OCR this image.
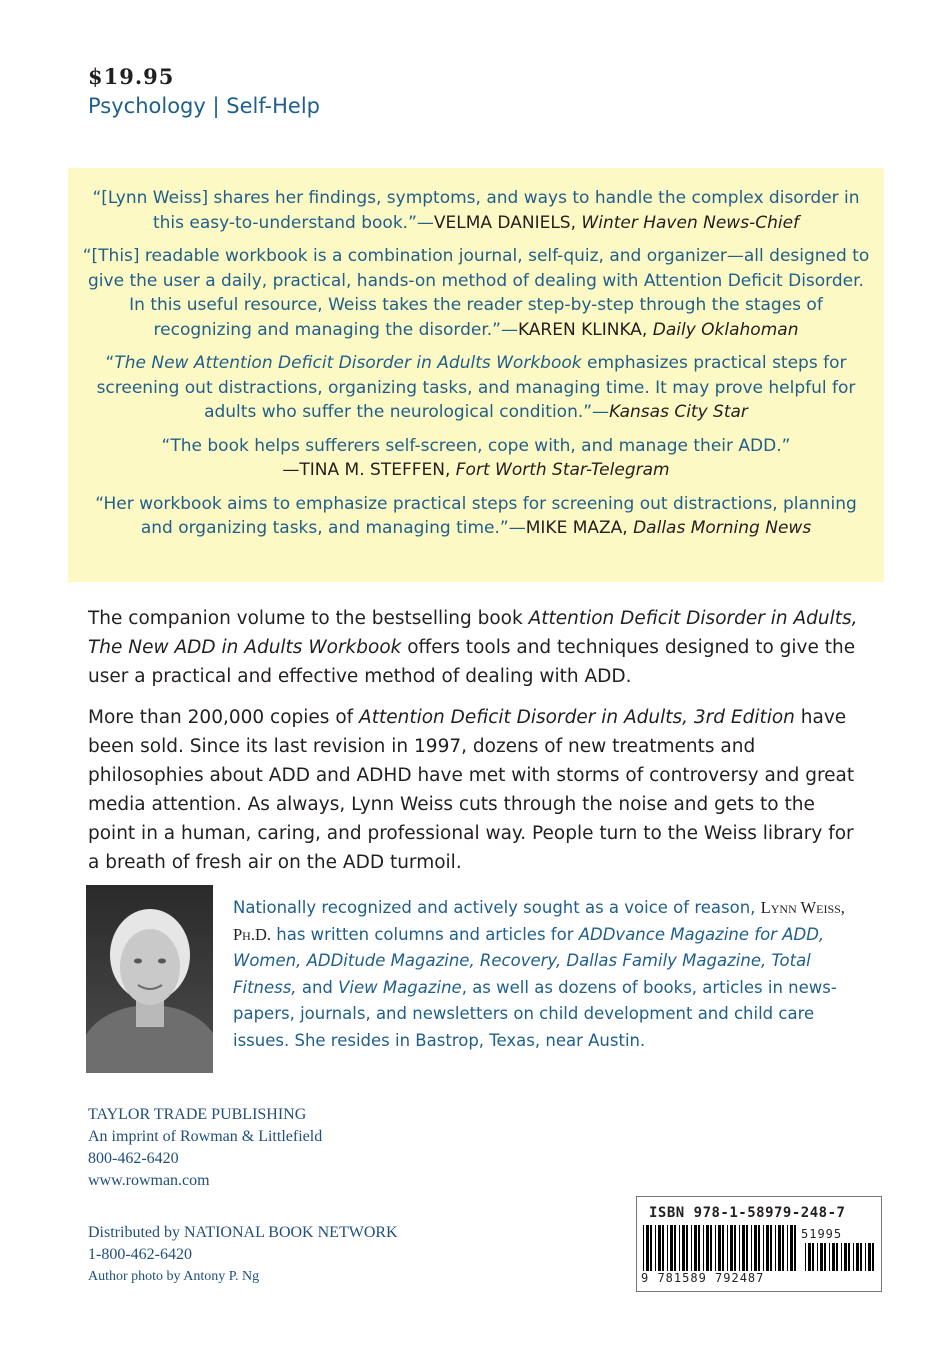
$19.95
Psychology | Self-Help

“[Lynn Weiss] shares her findings, symptoms, and ways to handle the complex disorder in this easy-to-understand book.”—VELMA DANIELS, Winter Haven News-Chief

“[This] readable workbook is a combination journal, self-quiz, and organizer—all designed to give the user a daily, practical, hands-on method of dealing with Attention Deficit Disorder.

In this useful resource, Weiss takes the reader step-by-step through the stages of recognizing and managing the disorder.”—KAREN KLINKA, Daily Oklahoman

“The New Attention Deficit Disorder in Adults Workbook emphasizes practical steps for screening out distractions, organizing tasks, and managing time. It may prove helpful for adults who suffer the neurological condition.”—Kansas City Star

“The book helps sufferers self-screen, cope with, and manage their ADD.”
—TINA M. STEFFEN, Fort Worth Star-Telegram

“Her workbook aims to emphasize practical steps for screening out distractions, planning and organizing tasks, and managing time.”—MIKE MAZA, Dallas Morning News

The companion volume to the bestselling book Attention Deficit Disorder in Adults,
The New ADD in Adults Workbook offers tools and techniques designed to give the user a practical and effective method of dealing with ADD.

More than 200,000 copies of Attention Deficit Disorder in Adults, 3rd Edition have been sold. Since its last revision in 1997, dozens of new treatments and philosophies about ADD and ADHD have met with storms of controversy and great media attention. As always, Lynn Weiss cuts through the noise and gets to the point in a human, caring, and professional way. People turn to the Weiss library for a breath of fresh air on the ADD turmoil.

Nationally recognized and actively sought as a voice of reason, Lynn Weiss, Ph.D. has written columns and articles for ADDvance Magazine for ADD, Women, ADDitude Magazine, Recovery, Dallas Family Magazine, Total Fitness, and View Magazine, as well as dozens of books, articles in news-papers, journals, and newsletters on child development and child care issues. She resides in Bastrop, Texas, near Austin.
TAYLOR TRADE PUBLISHING
An imprint of Rowman & Littlefield
800-462-6420
www.rowman.com
Distributed by NATIONAL BOOK NETWORK
1-800-462-6420
Author photo by Antony P. Ng
ISBN 978-1-58979-248-7
51995
9 781589 792487
